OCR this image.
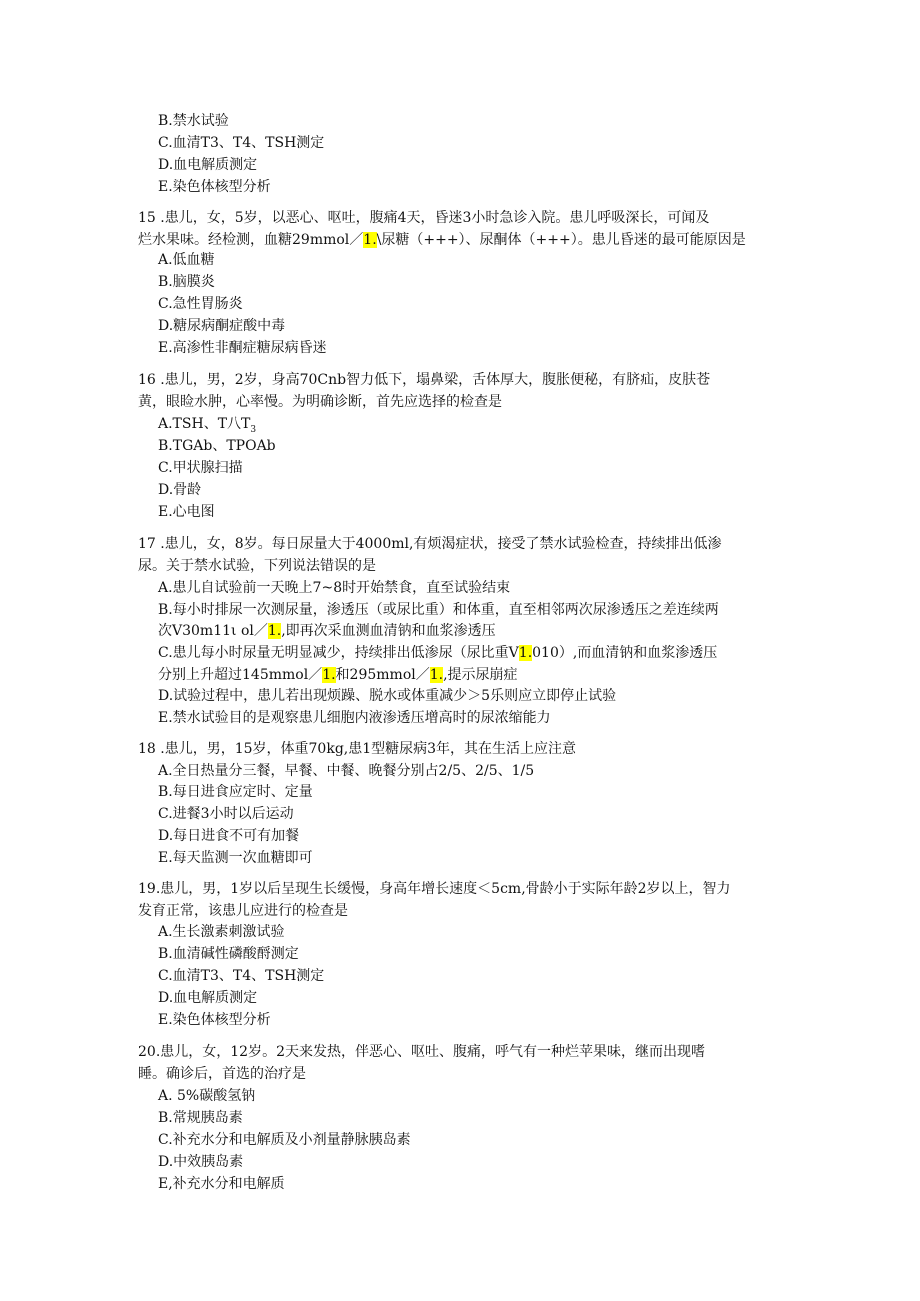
B.禁水试验
C.血清T3、T4、TSH测定
D.血电解质测定
E.染色体核型分析
15 .患儿，女，5岁，以恶心、呕吐，腹痛4天，昏迷3小时急诊入院。患儿呼吸深长，可闻及
烂水果味。经检测，血糖29mmol／1.\尿糖（+++）、尿酮体（+++）。患儿昏迷的最可能原因是
A.低血糖
B.脑膜炎
C.急性胃肠炎
D.糖尿病酮症酸中毒
E.高渗性非酮症糖尿病昏迷
16 .患儿，男，2岁，身高70Cnb智力低下，塌鼻梁，舌体厚大，腹胀便秘，有脐疝，皮肤苍
黄，眼睑水肿，心率慢。为明确诊断，首先应选择的检查是
A.TSH、T八$T_3$
B.TGAb、TPOAb
C.甲状腺扫描
D.骨龄
E.心电图
17 .患儿，女，8岁。每日尿量大于4000ml,有烦渴症状，接受了禁水试验检查，持续排出低渗
尿。关于禁水试验，下列说法错误的是
A.患儿自试验前一天晚上7~8时开始禁食，直至试验结束
B.每小时排尿一次测尿量，渗透压（或尿比重）和体重，直至相邻两次尿渗透压之差连续两
次V30m11ι ol／1.,即再次采血测血清钠和血浆渗透压
C.患儿每小时尿量无明显减少，持续排出低渗尿（尿比重V1.010）,而血清钠和血浆渗透压
分别上升超过145mmol／1.和295mmol／1.,提示尿崩症
D.试验过程中，患儿若出现烦躁、脱水或体重减少＞5乐则应立即停止试验
E.禁水试验目的是观察患儿细胞内液渗透压增高时的尿浓缩能力
18 .患儿，男，15岁，体重70kg,患1型糖尿病3年，其在生活上应注意
A.全日热量分三餐，早餐、中餐、晚餐分别占2/5、2/5、1/5
B.每日进食应定时、定量
C.进餐3小时以后运动
D.每日进食不可有加餐
E.每天监测一次血糖即可
19.患儿，男，1岁以后呈现生长缓慢，身高年增长速度＜5cm,骨龄小于实际年龄2岁以上，智力
发育正常，该患儿应进行的检查是
A.生长激素刺激试验
B.血清碱性磷酸酹测定
C.血清T3、T4、TSH测定
D.血电解质测定
E.染色体核型分析
20.患儿，女，12岁。2天来发热，伴恶心、呕吐、腹痛，呼气有一种烂苹果味，继而出现嗜
睡。确诊后，首选的治疗是
A. 5%碳酸氢钠
B.常规胰岛素
C.补充水分和电解质及小剂量静脉胰岛素
D.中效胰岛素
E,补充水分和电解质
